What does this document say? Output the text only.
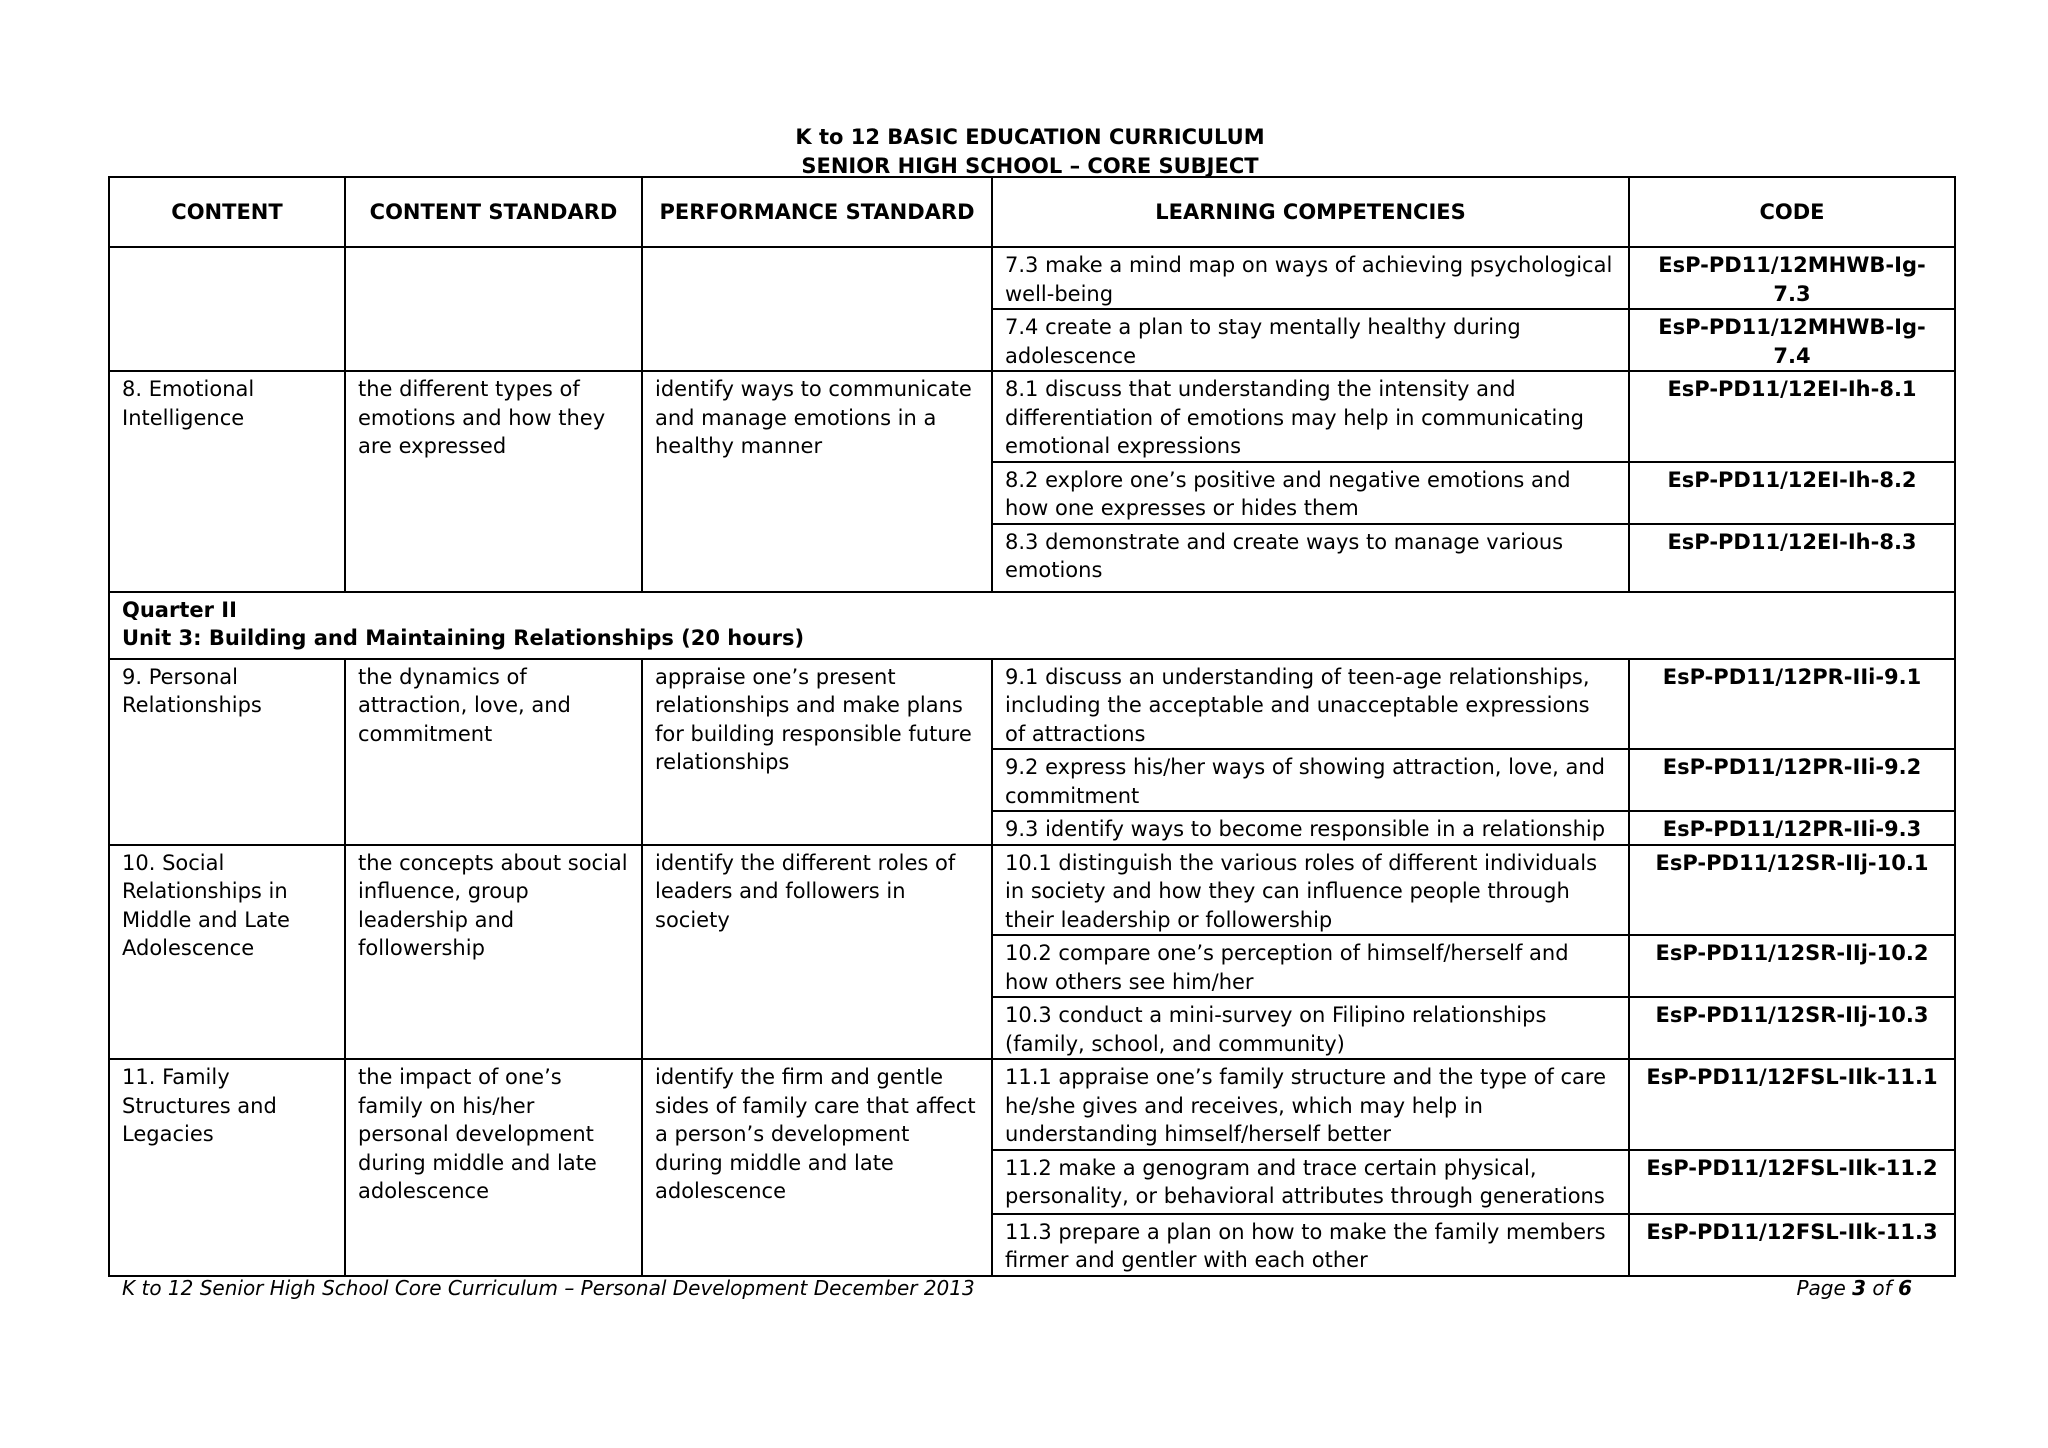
K to 12 BASIC EDUCATION CURRICULUM
SENIOR HIGH SCHOOL – CORE SUBJECT
CONTENT	CONTENT STANDARD	PERFORMANCE STANDARD	LEARNING COMPETENCIES	CODE
			7.3 make a mind map on ways of achieving psychological well-being	EsP-PD11/12MHWB-Ig-7.3
			7.4 create a plan to stay mentally healthy during adolescence	EsP-PD11/12MHWB-Ig-7.4
8. Emotional Intelligence	the different types of emotions and how they are expressed	identify ways to communicate and manage emotions in a healthy manner	8.1 discuss that understanding the intensity and differentiation of emotions may help in communicating emotional expressions	EsP-PD11/12EI-Ih-8.1
			8.2 explore one’s positive and negative emotions and how one expresses or hides them	EsP-PD11/12EI-Ih-8.2
			8.3 demonstrate and create ways to manage various emotions	EsP-PD11/12EI-Ih-8.3

Quarter II
Unit 3: Building and Maintaining Relationships (20 hours)				

9. Personal Relationships	the dynamics of attraction, love, and commitment	appraise one’s present relationships and make plans for building responsible future relationships	9.1 discuss an understanding of teen-age relationships, including the acceptable and unacceptable expressions of attractions	EsP-PD11/12PR-IIi-9.1
			9.2 express his/her ways of showing attraction, love, and commitment	EsP-PD11/12PR-IIi-9.2
			9.3 identify ways to become responsible in a relationship	EsP-PD11/12PR-IIi-9.3
10. Social Relationships in Middle and Late Adolescence	the concepts about social influence, group leadership and followership	identify the different roles of leaders and followers in society	10.1 distinguish the various roles of different individuals in society and how they can influence people through their leadership or followership	EsP-PD11/12SR-IIj-10.1
			10.2 compare one’s perception of himself/herself and how others see him/her	EsP-PD11/12SR-IIj-10.2
			10.3 conduct a mini-survey on Filipino relationships (family, school, and community)	EsP-PD11/12SR-IIj-10.3
11. Family Structures and Legacies	the impact of one’s family on his/her personal development during middle and late adolescence	identify the firm and gentle sides of family care that affect a person’s development during middle and late adolescence	11.1 appraise one’s family structure and the type of care he/she gives and receives, which may help in understanding himself/herself better	EsP-PD11/12FSL-IIk-11.1
			11.2 make a genogram and trace certain physical, personality, or behavioral attributes through generations	EsP-PD11/12FSL-IIk-11.2
			11.3 prepare a plan on how to make the family members firmer and gentler with each other	EsP-PD11/12FSL-IIk-11.3
K to 12 Senior High School Core Curriculum – Personal Development December 2013	Page 3 of 6
